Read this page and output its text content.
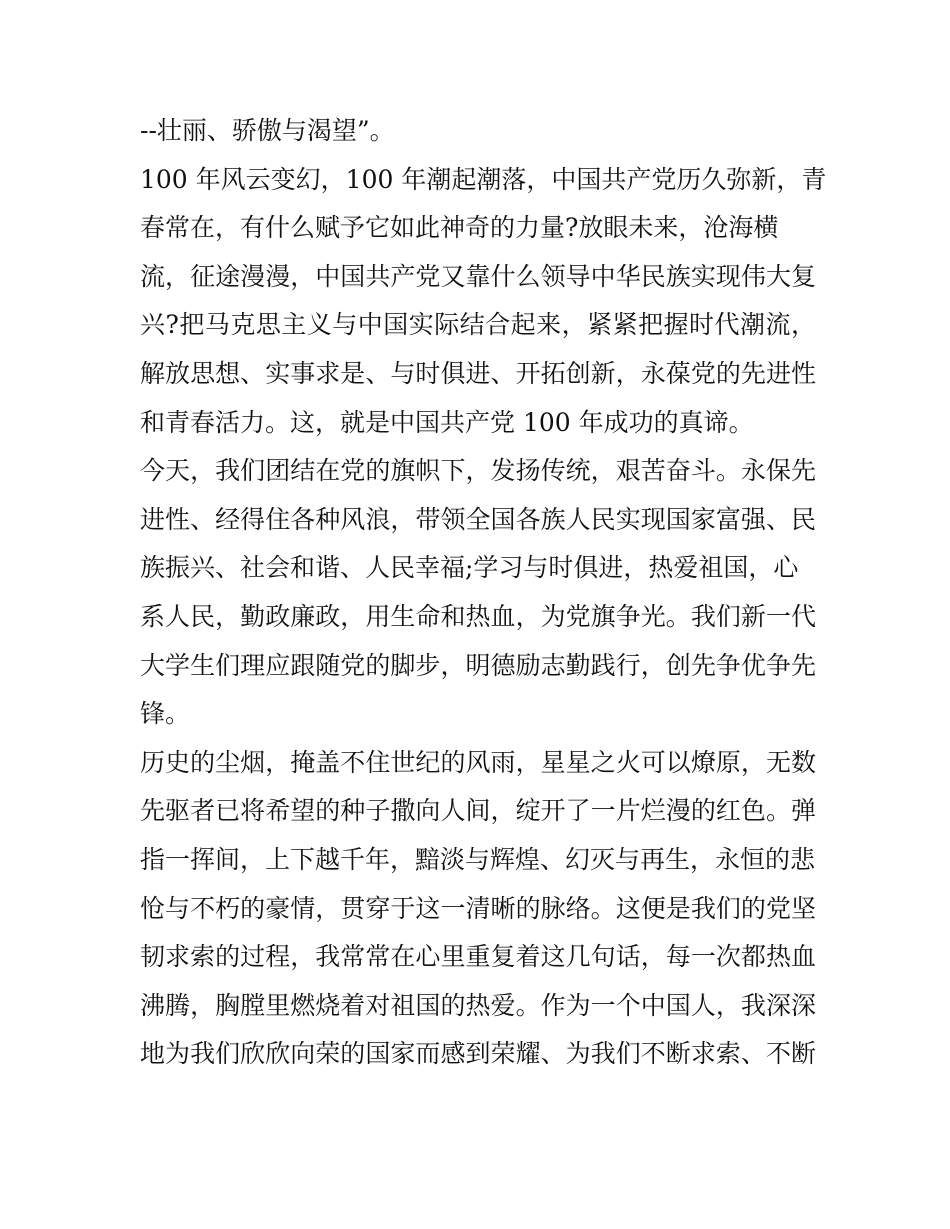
--壮丽、骄傲与渴望”。
100 年风云变幻，100 年潮起潮落，中国共产党历久弥新，青
春常在，有什么赋予它如此神奇的力量?放眼未来，沧海横
流，征途漫漫，中国共产党又靠什么领导中华民族实现伟大复
兴?把马克思主义与中国实际结合起来，紧紧把握时代潮流，
解放思想、实事求是、与时俱进、开拓创新，永葆党的先进性
和青春活力。这，就是中国共产党 100 年成功的真谛。
今天，我们团结在党的旗帜下，发扬传统，艰苦奋斗。永保先
进性、经得住各种风浪，带领全国各族人民实现国家富强、民
族振兴、社会和谐、人民幸福;学习与时俱进，热爱祖国，心
系人民，勤政廉政，用生命和热血，为党旗争光。我们新一代
大学生们理应跟随党的脚步，明德励志勤践行，创先争优争先
锋。
历史的尘烟，掩盖不住世纪的风雨，星星之火可以燎原，无数
先驱者已将希望的种子撒向人间，绽开了一片烂漫的红色。弹
指一挥间，上下越千年，黯淡与辉煌、幻灭与再生，永恒的悲
怆与不朽的豪情，贯穿于这一清晰的脉络。这便是我们的党坚
韧求索的过程，我常常在心里重复着这几句话，每一次都热血
沸腾，胸膛里燃烧着对祖国的热爱。作为一个中国人，我深深
地为我们欣欣向荣的国家而感到荣耀、为我们不断求索、不断
